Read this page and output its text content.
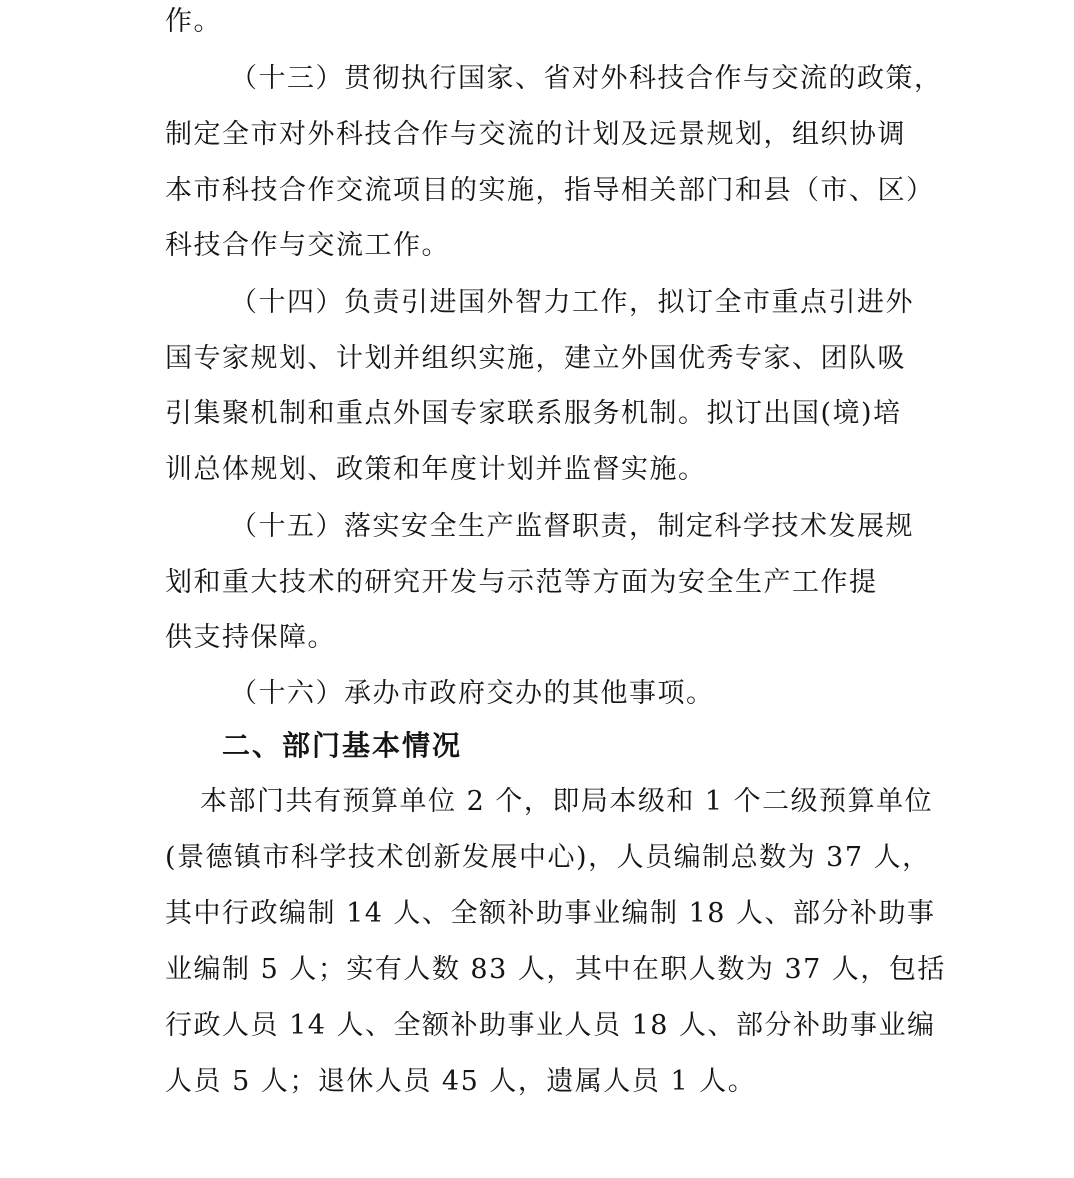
作。
（十三）贯彻执行国家、省对外科技合作与交流的政策，
制定全市对外科技合作与交流的计划及远景规划，组织协调
本市科技合作交流项目的实施，指导相关部门和县（市、区）
科技合作与交流工作。
（十四）负责引进国外智力工作，拟订全市重点引进外
国专家规划、计划并组织实施，建立外国优秀专家、团队吸
引集聚机制和重点外国专家联系服务机制。拟订出国(境)培
训总体规划、政策和年度计划并监督实施。
（十五）落实安全生产监督职责，制定科学技术发展规
划和重大技术的研究开发与示范等方面为安全生产工作提
供支持保障。
（十六）承办市政府交办的其他事项。
二、部门基本情况
本部门共有预算单位 2 个，即局本级和 1 个二级预算单位
(景德镇市科学技术创新发展中心)，人员编制总数为 37 人，
其中行政编制 14 人、全额补助事业编制 18 人、部分补助事
业编制 5 人；实有人数 83 人，其中在职人数为 37 人，包括
行政人员 14 人、全额补助事业人员 18 人、部分补助事业编
人员 5 人；退休人员 45 人，遗属人员 1 人。
